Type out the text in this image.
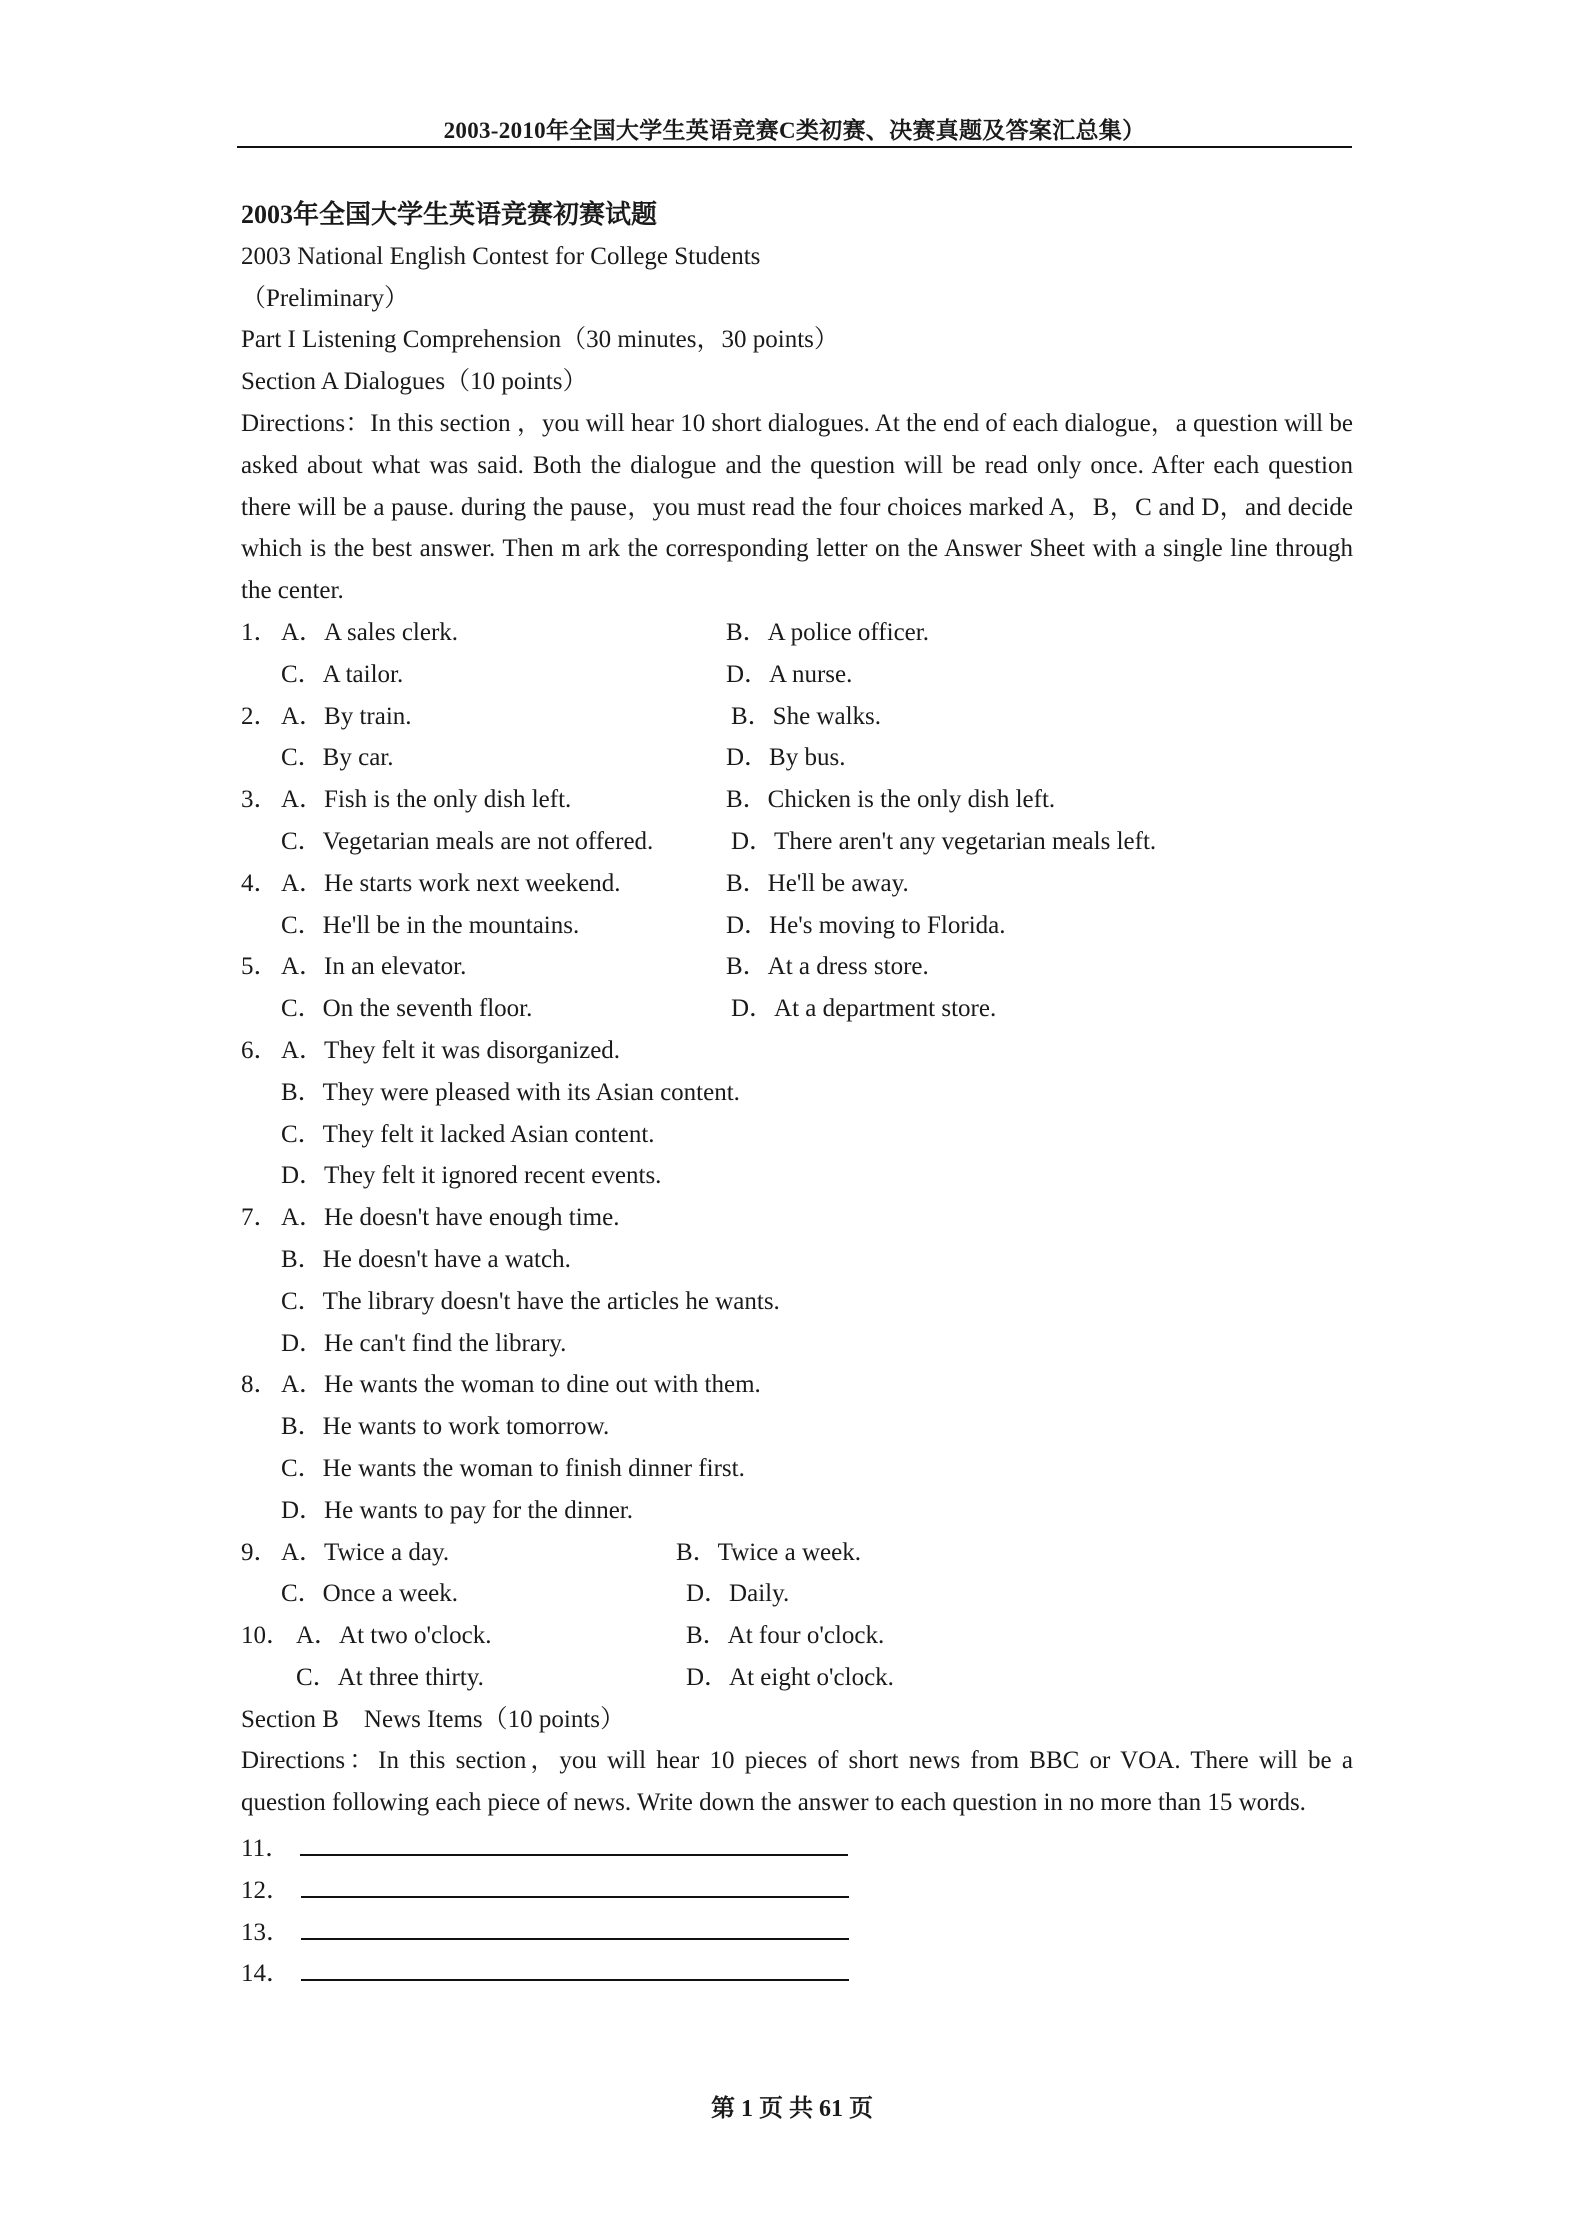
2003-2010年全国大学生英语竞赛C类初赛、决赛真题及答案汇总集）
2003年全国大学生英语竞赛初赛试题
2003 National English Contest for College Students
（Preliminary）
Part I Listening Comprehension（30 minutes，30 points）
Section A Dialogues（10 points）
Directions：In this section ，you will hear 10 short dialogues. At the end of each dialogue，a question will be asked about what was said. Both the dialogue and the question will be read only once. After each question there will be a pause. during the pause，you must read the four choices marked A，B，C and D，and decide which is the best answer. Then m ark the corresponding letter on the Answer Sheet with a single line through the center.
1． A．A sales clerk.	B．A police officer.
C．A tailor.	D．A nurse.
2． A．By train.	B．She walks.
C．By car.	D．By bus.
3． A．Fish is the only dish left.	B．Chicken is the only dish left.
C．Vegetarian meals are not offered.	D．There aren't any vegetarian meals left.
4． A．He starts work next weekend.	B．He'll be away.
C．He'll be in the mountains.	D．He's moving to Florida.
5． A．In an elevator.	B．At a dress store.
C．On the seventh floor.	D．At a department store.
6． A．They felt it was disorganized.
B．They were pleased with its Asian content.
C．They felt it lacked Asian content.
D．They felt it ignored recent events.
7． A．He doesn't have enough time.
B．He doesn't have a watch.
C．The library doesn't have the articles he wants.
D．He can't find the library.
8． A．He wants the woman to dine out with them.
B．He wants to work tomorrow.
C．He wants the woman to finish dinner first.
D．He wants to pay for the dinner.
9． A．Twice a day.	B．Twice a week.
C．Once a week.	D．Daily.
10． A．At two o'clock.	B．At four o'clock.
C．At three thirty.	D．At eight o'clock.
Section B　News Items（10 points）
Directions：In this section，you will hear 10 pieces of short news from BBC or VOA. There will be a question following each piece of news. Write down the answer to each question in no more than 15 words.
11．
12．
13．
14．
第 1 页 共 61 页
